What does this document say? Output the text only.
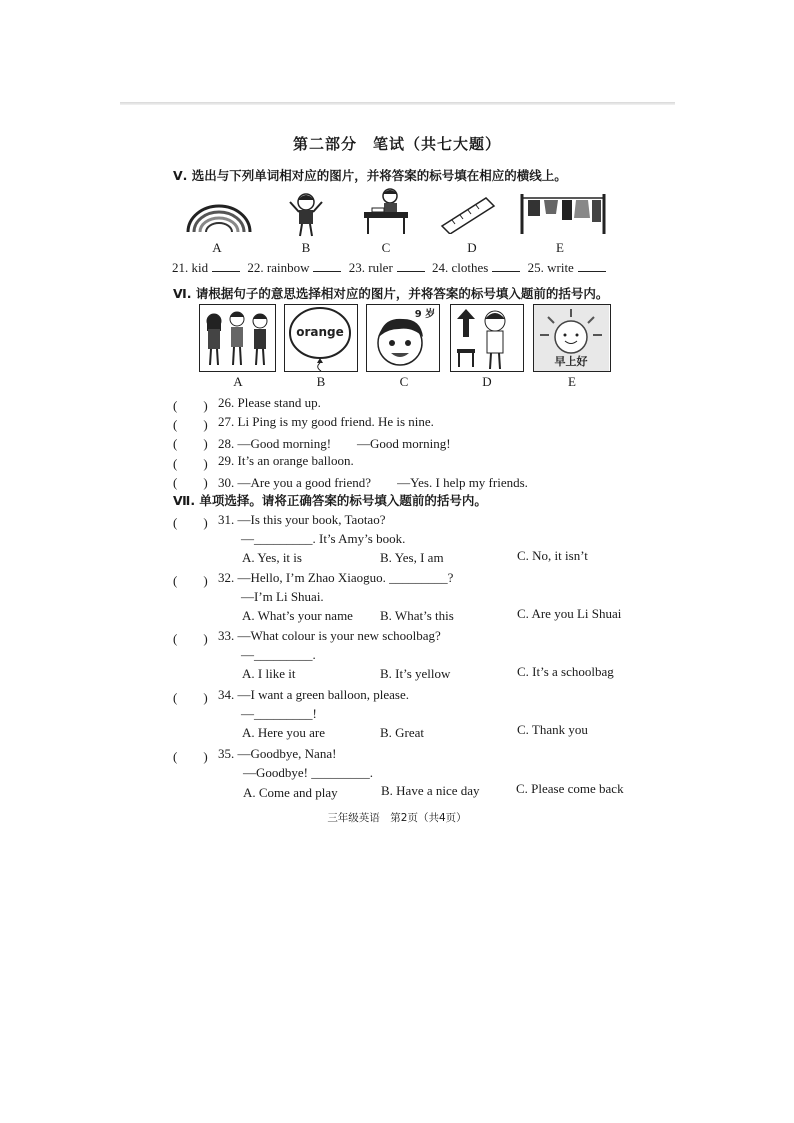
第二部分　笔试（共七大题）
Ⅴ. 选出与下列单词相对应的图片，并将答案的标号填在相应的横线上。
A	B	C	D	E
21. kid	22. rainbow	23. ruler	24. clothes	25. write
Ⅵ. 请根据句子的意思选择相对应的图片，并将答案的标号填入题前的括号内。
orange
9 岁
早上好
A	B	C	D	E
(　　) 26. Please stand up.
(　　) 27. Li Ping is my good friend. He is nine.
(　　) 28. —Good morning!　　—Good morning!
(　　) 29. It’s an orange balloon.
(　　) 30. —Are you a good friend?　　—Yes. I help my friends.
Ⅶ. 单项选择。请将正确答案的标号填入题前的括号内。
(　　) 31. —Is this your book, Taotao?
—_________. It’s Amy’s book.
A. Yes, it is	B. Yes, I am	C. No, it isn’t
(　　) 32. —Hello, I’m Zhao Xiaoguo. _________?
—I’m Li Shuai.
A. What’s your name B. What’s this	C. Are you Li Shuai
(　　) 33. —What colour is your new schoolbag?
—_________.
A. I like it	B. It’s yellow	C. It’s a schoolbag
(　　) 34. —I want a green balloon, please.
—_________!
A. Here you are	B. Great	C. Thank you
(　　) 35. —Goodbye, Nana!
—Goodbye! _________.
A. Come and play	B. Have a nice day	C. Please come back
三年级英语　第2页（共4页）
